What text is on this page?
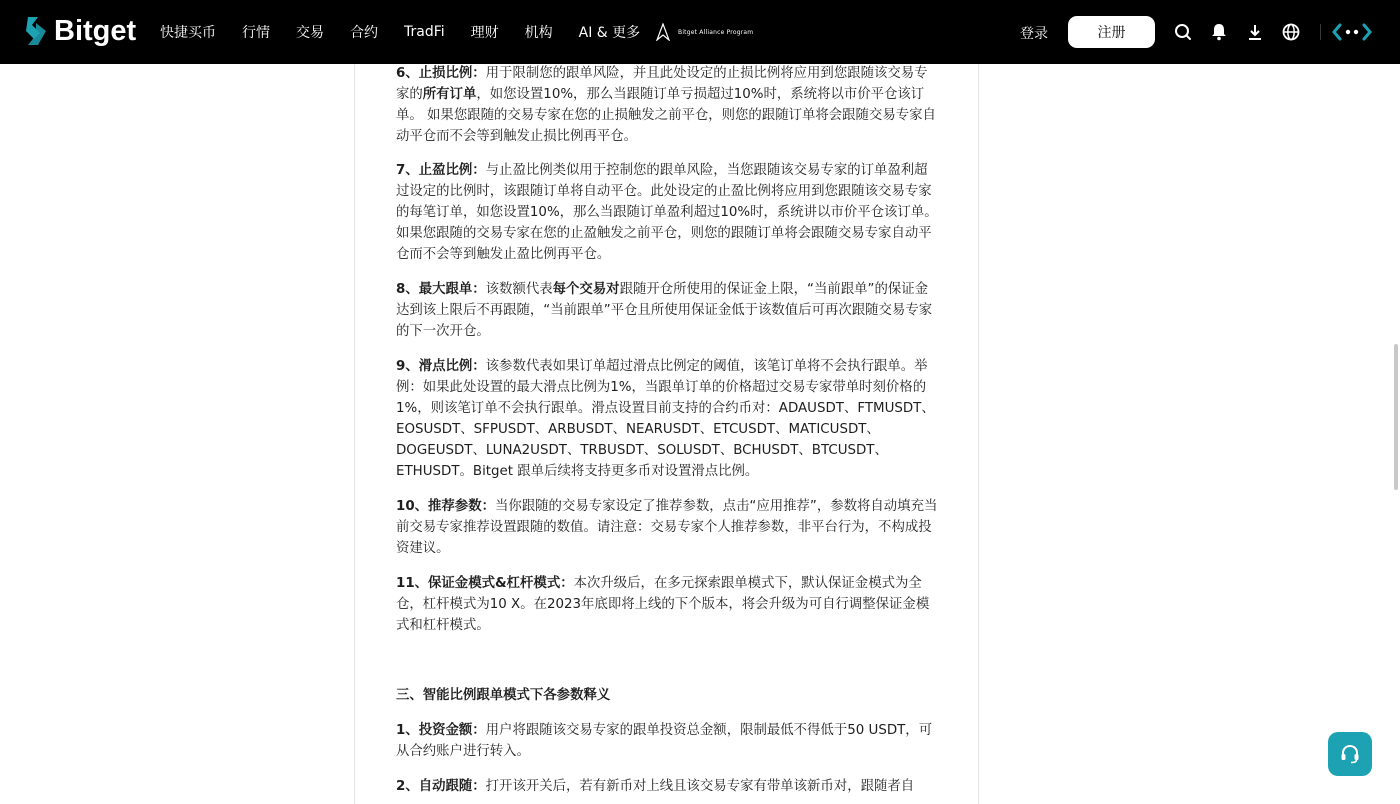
Bitget 快捷买币 行情 交易 合约 TradFi 理财 机构 AI & 更多	Bitget Alliance Program	登录	注册
6、止损比例：用于限制您的跟单风险，并且此处设定的止损比例将应用到您跟随该交易专家的所有订单，如您设置10%，那么当跟随订单亏损超过10%时，系统将以市价平仓该订单。 如果您跟随的交易专家在您的止损触发之前平仓，则您的跟随订单将会跟随交易专家自动平仓而不会等到触发止损比例再平仓。
7、止盈比例：与止盈比例类似用于控制您的跟单风险，当您跟随该交易专家的订单盈利超过设定的比例时，该跟随订单将自动平仓。此处设定的止盈比例将应用到您跟随该交易专家的每笔订单，如您设置10%，那么当跟随订单盈利超过10%时，系统讲以市价平仓该订单。如果您跟随的交易专家在您的止盈触发之前平仓，则您的跟随订单将会跟随交易专家自动平仓而不会等到触发止盈比例再平仓。
8、最大跟单：该数额代表每个交易对跟随开仓所使用的保证金上限，“当前跟单”的保证金达到该上限后不再跟随，“当前跟单”平仓且所使用保证金低于该数值后可再次跟随交易专家的下一次开仓。
9、滑点比例：该参数代表如果订单超过滑点比例定的阈值，该笔订单将不会执行跟单。举例：如果此处设置的最大滑点比例为1%，当跟单订单的价格超过交易专家带单时刻价格的1%，则该笔订单不会执行跟单。滑点设置目前支持的合约币对：ADAUSDT、FTMUSDT、EOSUSDT、SFPUSDT、ARBUSDT、NEARUSDT、ETCUSDT、MATICUSDT、DOGEUSDT、LUNA2USDT、TRBUSDT、SOLUSDT、BCHUSDT、BTCUSDT、ETHUSDT。Bitget 跟单后续将支持更多币对设置滑点比例。
10、推荐参数：当你跟随的交易专家设定了推荐参数，点击“应用推荐”，参数将自动填充当前交易专家推荐设置跟随的数值。请注意：交易专家个人推荐参数，非平台行为，不构成投资建议。
11、保证金模式&杠杆模式：本次升级后，在多元探索跟单模式下，默认保证金模式为全仓，杠杆模式为10 X。在2023年底即将上线的下个版本，将会升级为可自行调整保证金模式和杠杆模式。
三、智能比例跟单模式下各参数释义
1、投资金额：用户将跟随该交易专家的跟单投资总金额，限制最低不得低于50 USDT，可从合约账户进行转入。
2、自动跟随：打开该开关后，若有新币对上线且该交易专家有带单该新币对，跟随者自
